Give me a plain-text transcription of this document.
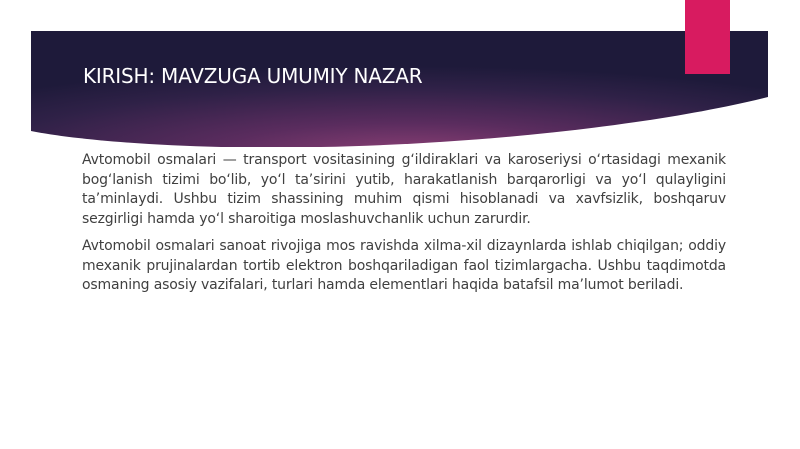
KIRISH: MAVZUGA UMUMIY NAZAR

Avtomobil osmalari — transport vositasining g‘ildiraklari va karoseriysi o‘rtasidagi mexanik bog‘lanish tizimi bo‘lib, yo‘l ta’sirini yutib, harakatlanish barqarorligi va yo‘l qulayligini ta’minlaydi. Ushbu tizim shassining muhim qismi hisoblanadi va xavfsizlik, boshqaruv sezgirligi hamda yo‘l sharoitiga moslashuvchanlik uchun zarurdir.

Avtomobil osmalari sanoat rivojiga mos ravishda xilma-xil dizaynlarda ishlab chiqilgan; oddiy mexanik prujinalardan tortib elektron boshqariladigan faol tizimlargacha. Ushbu taqdimotda osmaning asosiy vazifalari, turlari hamda elementlari haqida batafsil ma’lumot beriladi.
